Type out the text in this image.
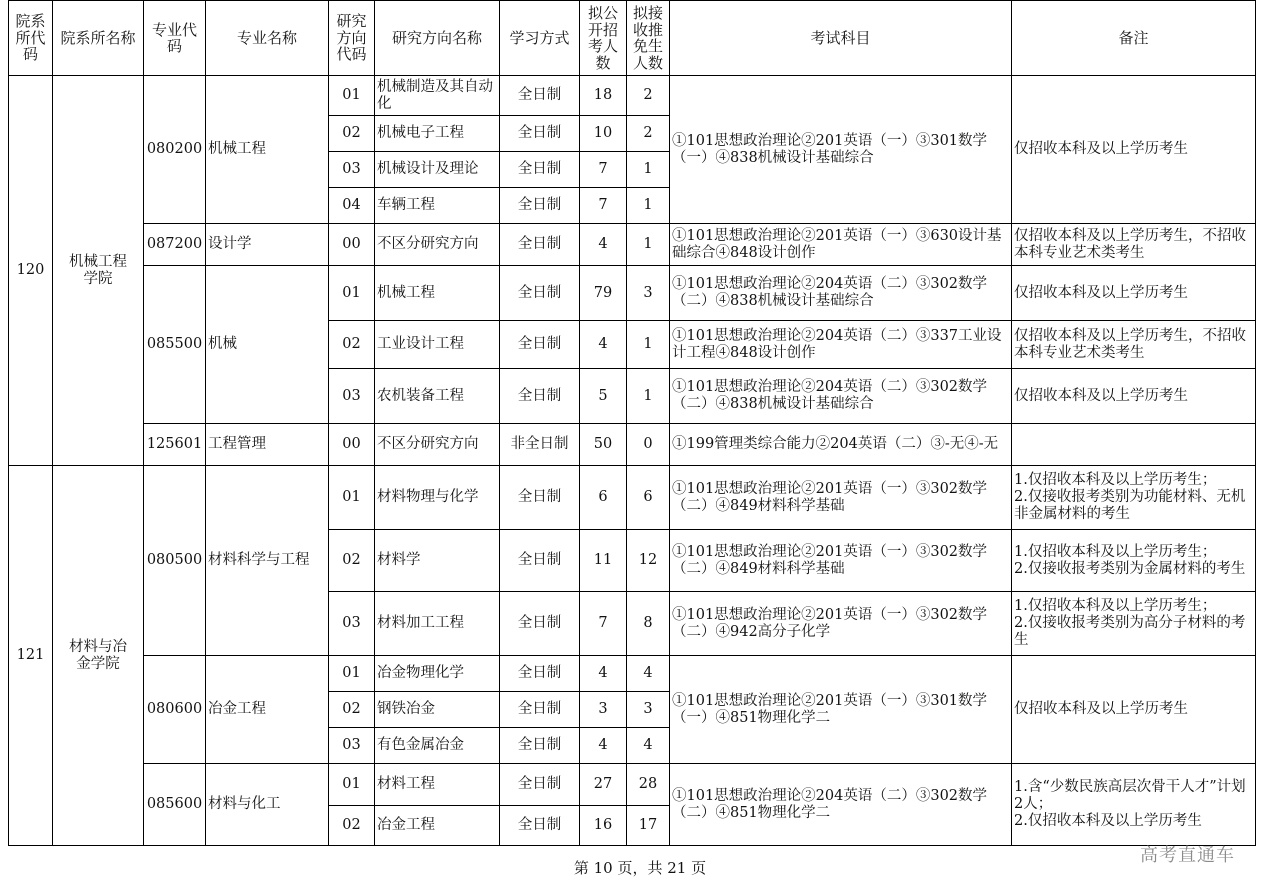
院系所代码	院系所名称	专业代码	专业名称	研究方向代码	研究方向名称	学习方式	拟公开招考人数	拟接收推免生人数	考试科目	备注
120	机械工程学院	080200	机械工程	01	机械制造及其自动化	全日制	18	2	①101思想政治理论②201英语（一）③301数学（一）④838机械设计基础综合	仅招收本科及以上学历考生
				02	机械电子工程	全日制	10	2		
				03	机械设计及理论	全日制	7	1		
				04	车辆工程	全日制	7	1		
		087200	设计学	00	不区分研究方向	全日制	4	1	①101思想政治理论②201英语（一）③630设计基础综合④848设计创作	仅招收本科及以上学历考生，不招收本科专业艺术类考生
		085500	机械	01	机械工程	全日制	79	3	①101思想政治理论②204英语（二）③302数学（二）④838机械设计基础综合	仅招收本科及以上学历考生
				02	工业设计工程	全日制	4	1	①101思想政治理论②204英语（二）③337工业设计工程④848设计创作	仅招收本科及以上学历考生，不招收本科专业艺术类考生
				03	农机装备工程	全日制	5	1	①101思想政治理论②204英语（二）③302数学（二）④838机械设计基础综合	仅招收本科及以上学历考生
		125601	工程管理	00	不区分研究方向	非全日制	50	0	①199管理类综合能力②204英语（二）③-无④-无	
121	材料与冶金学院	080500	材料科学与工程	01	材料物理与化学	全日制	6	6	①101思想政治理论②201英语（一）③302数学（二）④849材料科学基础	1.仅招收本科及以上学历考生；
2.仅接收报考类别为功能材料、无机非金属材料的考生
				02	材料学	全日制	11	12	①101思想政治理论②201英语（一）③302数学（二）④849材料科学基础	1.仅招收本科及以上学历考生；
2.仅接收报考类别为金属材料的考生
				03	材料加工工程	全日制	7	8	①101思想政治理论②201英语（一）③302数学（二）④942高分子化学	1.仅招收本科及以上学历考生；
2.仅接收报考类别为高分子材料的考生
		080600	冶金工程	01	冶金物理化学	全日制	4	4	①101思想政治理论②201英语（一）③301数学（一）④851物理化学二	仅招收本科及以上学历考生
				02	钢铁冶金	全日制	3	3		
				03	有色金属冶金	全日制	4	4		
		085600	材料与化工	01	材料工程	全日制	27	28	①101思想政治理论②204英语（二）③302数学（二）④851物理化学二	1.含“少数民族高层次骨干人才”计划2人；
2.仅招收本科及以上学历考生
				02	冶金工程	全日制	16	17		
第 10 页，共 21 页
高考直通车
